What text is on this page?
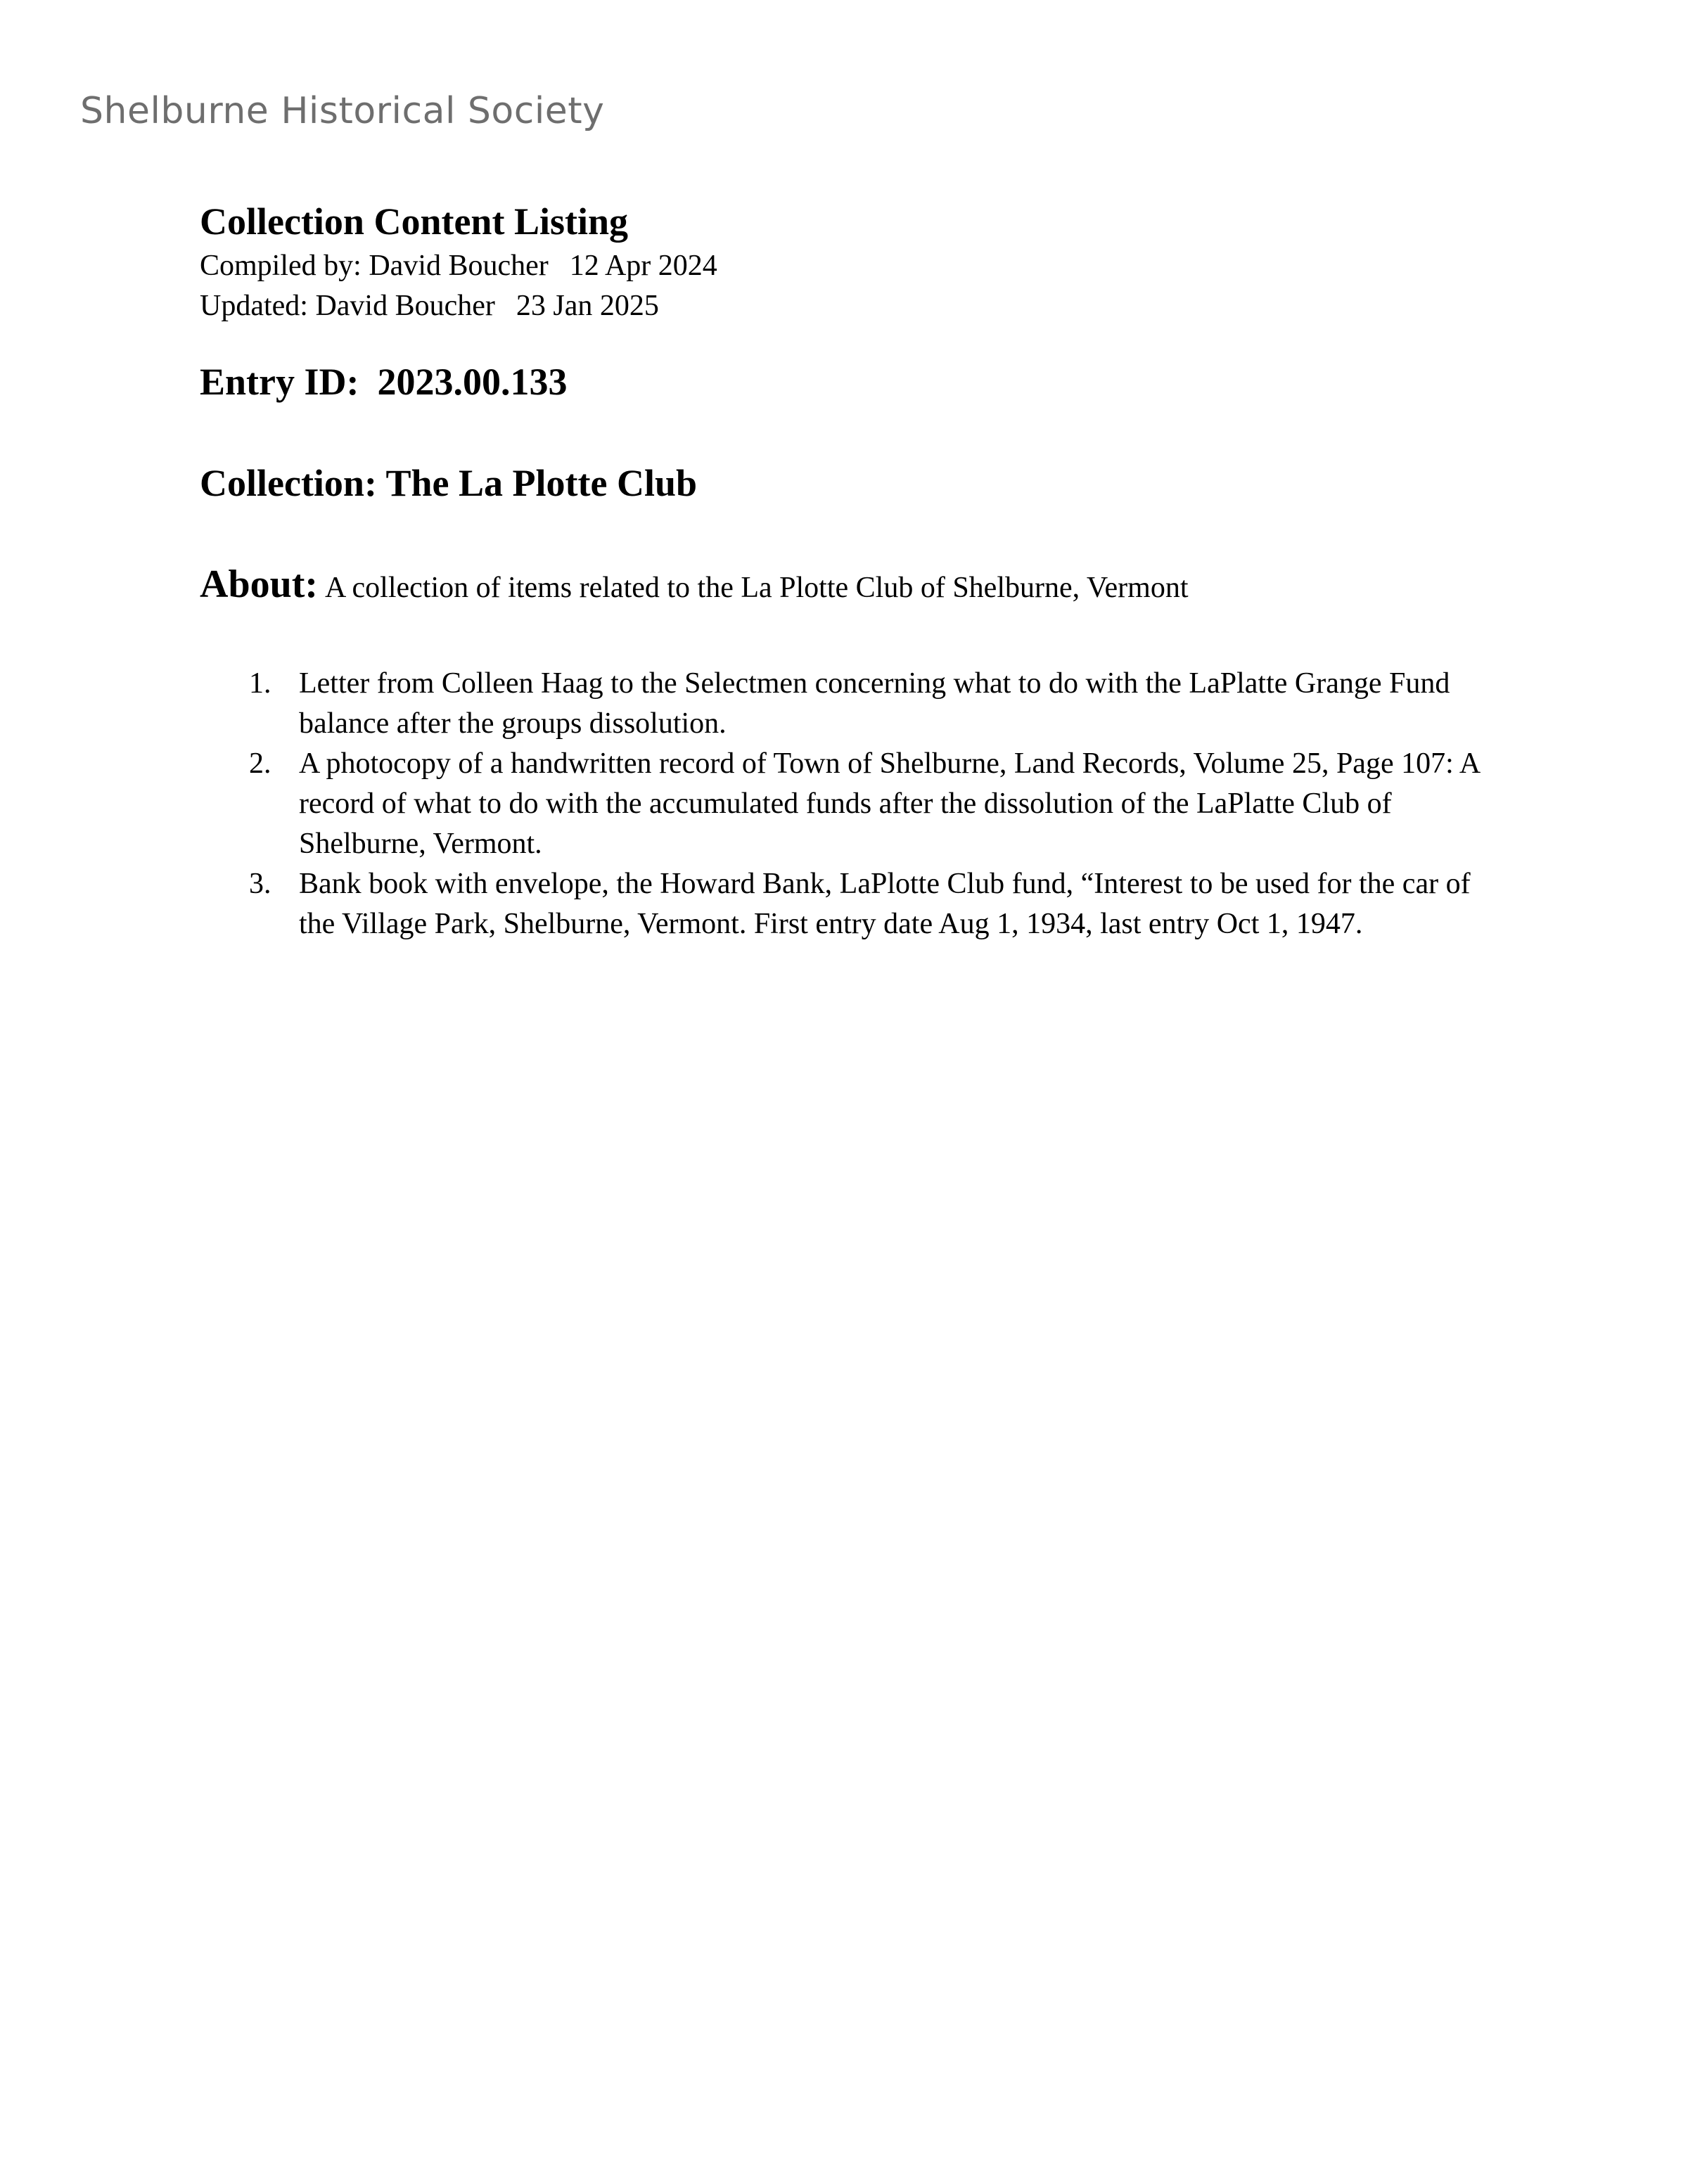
Shelburne Historical Society
Collection Content Listing
Compiled by: David Boucher 12 Apr 2024
Updated: David Boucher 23 Jan 2025
Entry ID: 2023.00.133
Collection: The La Plotte Club
About: A collection of items related to the La Plotte Club of Shelburne, Vermont
1. Letter from Colleen Haag to the Selectmen concerning what to do with the LaPlatte Grange Fund balance after the groups dissolution.
2. A photocopy of a handwritten record of Town of Shelburne, Land Records, Volume 25, Page 107: A record of what to do with the accumulated funds after the dissolution of the LaPlatte Club of Shelburne, Vermont.
3. Bank book with envelope, the Howard Bank, LaPlotte Club fund, “Interest to be used for the car of the Village Park, Shelburne, Vermont. First entry date Aug 1, 1934, last entry Oct 1, 1947.
